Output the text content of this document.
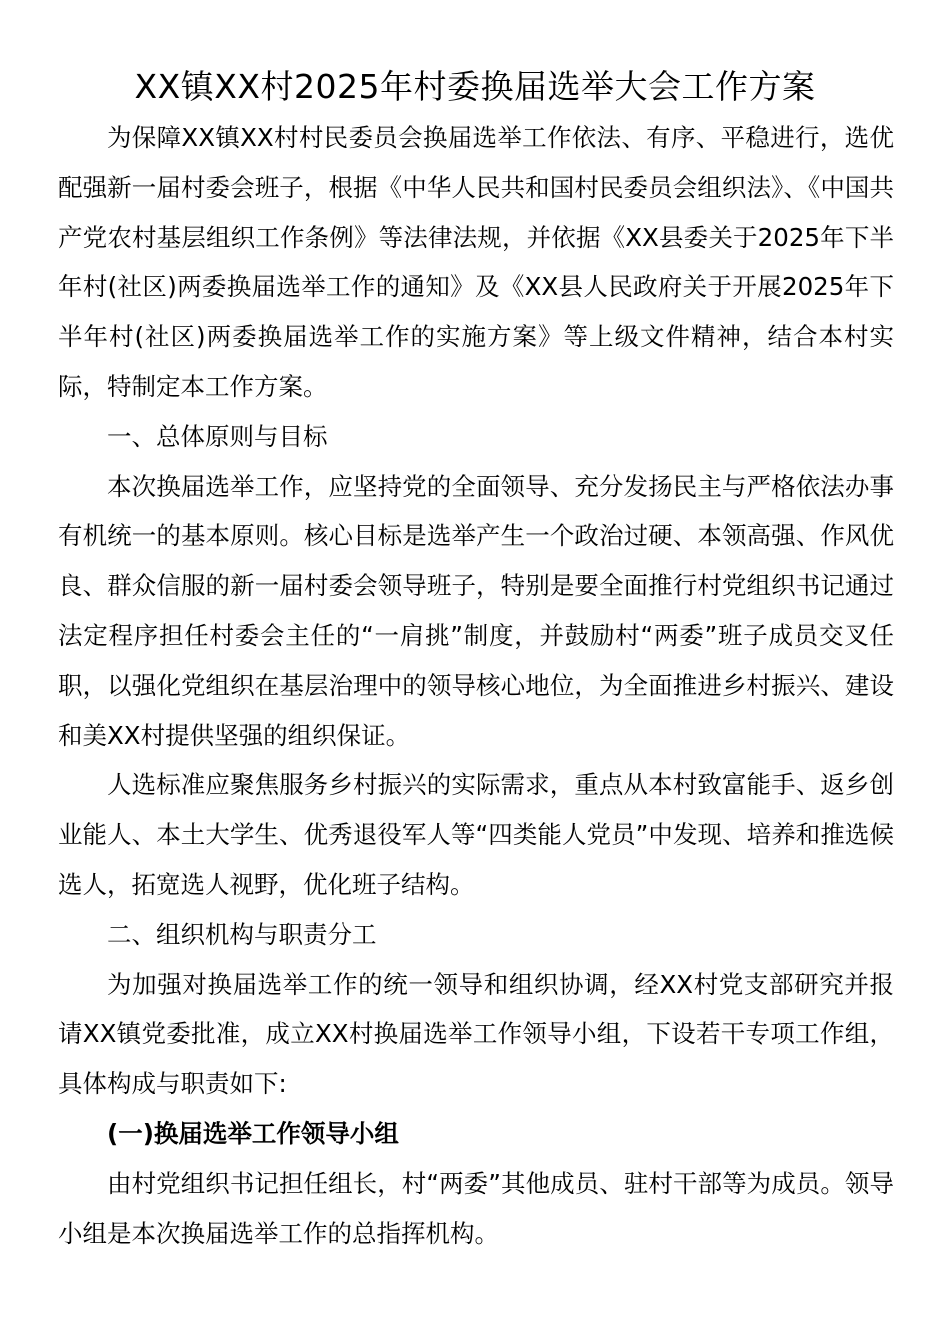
XX镇XX村2025年村委换届选举大会工作方案

为保障XX镇XX村村民委员会换届选举工作依法、有序、平稳进行，选优配强新一届村委会班子，根据《中华人民共和国村民委员会组织法》、《中国共产党农村基层组织工作条例》等法律法规，并依据《XX县委关于2025年下半年村(社区)两委换届选举工作的通知》及《XX县人民政府关于开展2025年下半年村(社区)两委换届选举工作的实施方案》等上级文件精神，结合本村实际，特制定本工作方案。

一、总体原则与目标

本次换届选举工作，应坚持党的全面领导、充分发扬民主与严格依法办事有机统一的基本原则。核心目标是选举产生一个政治过硬、本领高强、作风优良、群众信服的新一届村委会领导班子，特别是要全面推行村党组织书记通过法定程序担任村委会主任的“一肩挑”制度，并鼓励村“两委”班子成员交叉任职，以强化党组织在基层治理中的领导核心地位，为全面推进乡村振兴、建设和美XX村提供坚强的组织保证。

人选标准应聚焦服务乡村振兴的实际需求，重点从本村致富能手、返乡创业能人、本土大学生、优秀退役军人等“四类能人党员”中发现、培养和推选候选人，拓宽选人视野，优化班子结构。

二、组织机构与职责分工

为加强对换届选举工作的统一领导和组织协调，经XX村党支部研究并报请XX镇党委批准，成立XX村换届选举工作领导小组，下设若干专项工作组，具体构成与职责如下:

(一)换届选举工作领导小组

由村党组织书记担任组长，村“两委”其他成员、驻村干部等为成员。领导小组是本次换届选举工作的总指挥机构。
